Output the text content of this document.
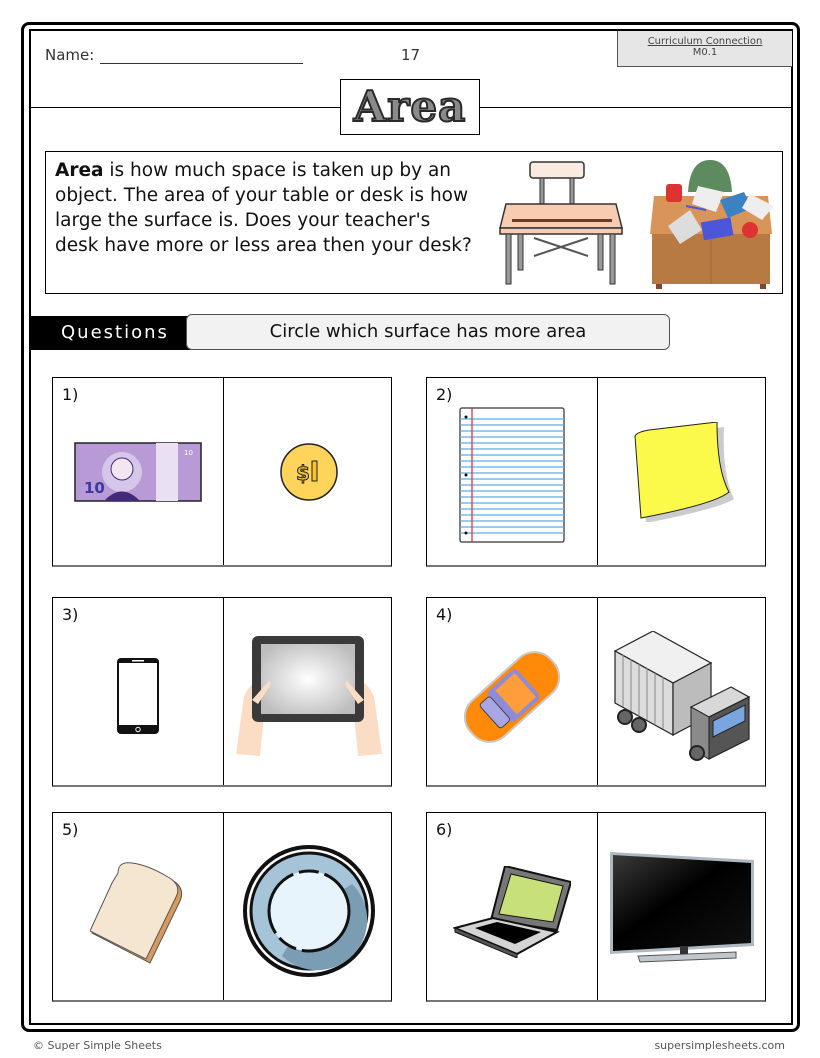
Name:	17
Curriculum Connection
M0.1
Area

Area is how much space is taken up by an object. The area of your table or desk is how large the surface is. Does your teacher's desk have more or less area then your desk?

Questions	Circle which surface has more area
10
10
$
1)	2)
3)	4)
5)	6)
© Super Simple Sheets	supersimplesheets.com
